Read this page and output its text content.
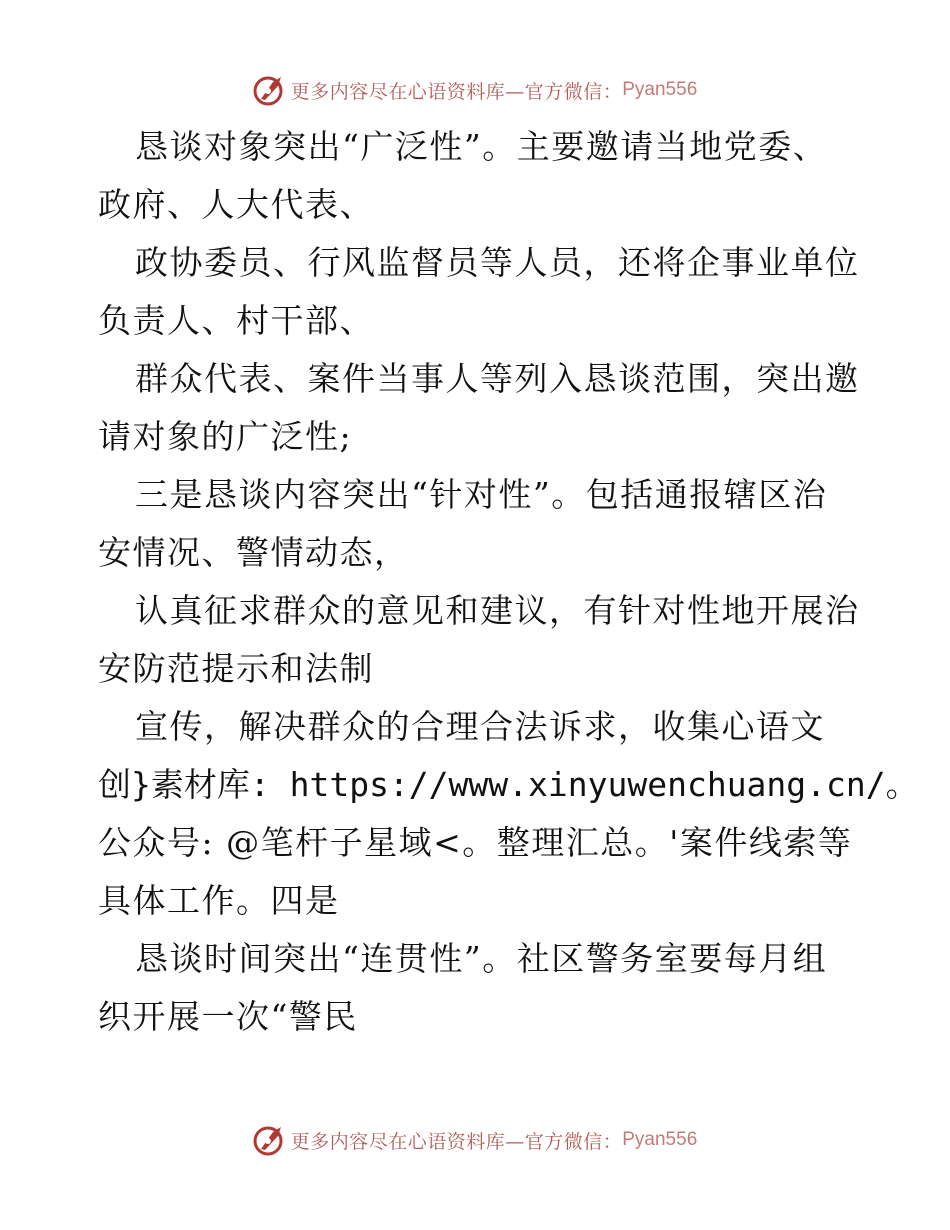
更多内容尽在心语资料库—官方微信： Pyan556
恳谈对象突出“广泛性”。主要邀请当地党委、
政府、人大代表、
政协委员、行风监督员等人员，还将企事业单位
负责人、村干部、
群众代表、案件当事人等列入恳谈范围，突出邀
请对象的广泛性;
三是恳谈内容突出“针对性”。包括通报辖区治
安情况、警情动态，
认真征求群众的意见和建议，有针对性地开展治
安防范提示和法制
宣传，解决群众的合理合法诉求，收集心语文
创}素材库: https://www.xinyuwenchuang.cn/。
公众号: @笔杆子星域<。整理汇总。'案件线索等
具体工作。四是
恳谈时间突出“连贯性”。社区警务室要每月组
织开展一次“警民
更多内容尽在心语资料库—官方微信： Pyan556
